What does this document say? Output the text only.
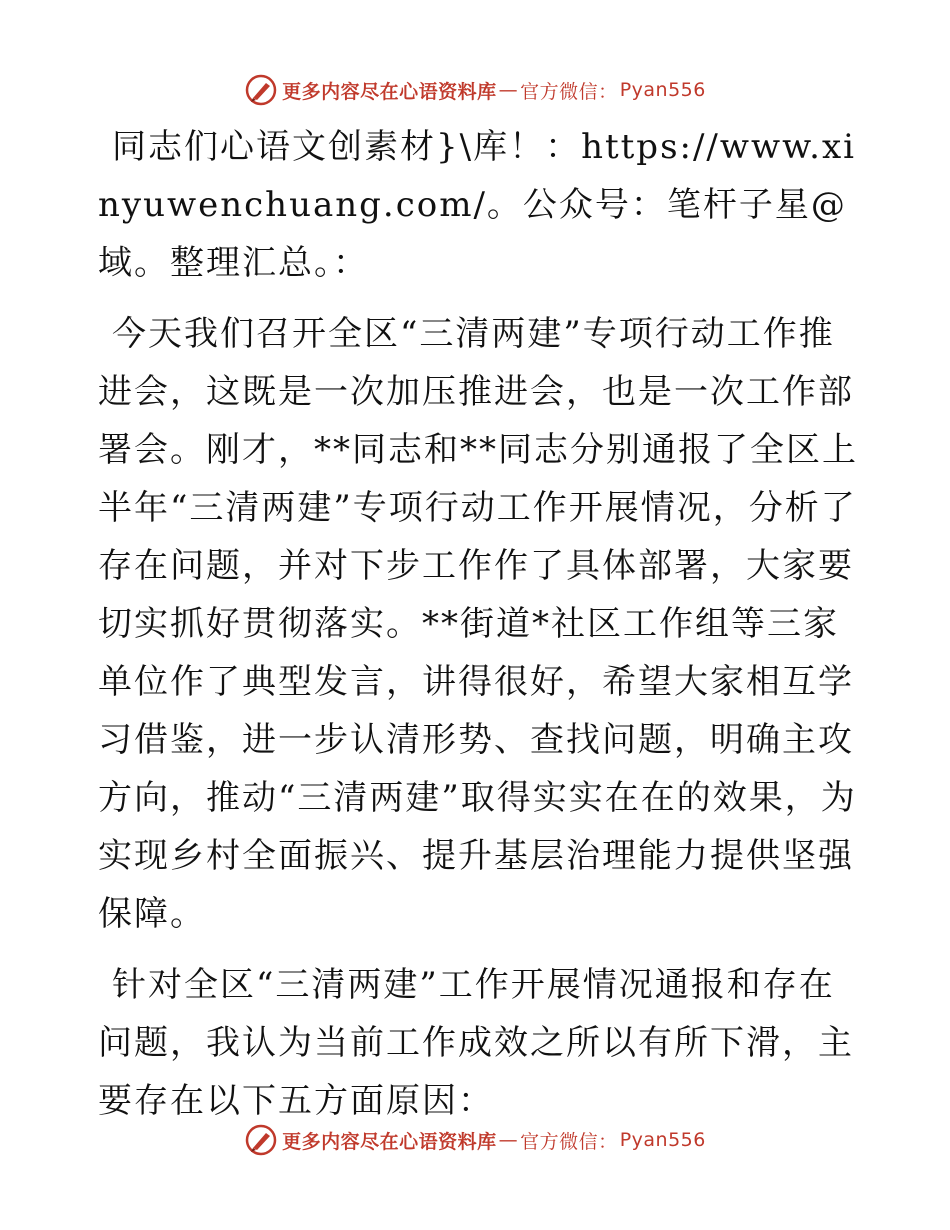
更多内容尽在心语资料库 — 官方微信： Pyan556

同志们心语文创素材}\库！：https://www.xinyuwenchuang.com/。公众号：笔杆子星@域。整理汇总。：

今天我们召开全区“三清两建”专项行动工作推进会，这既是一次加压推进会，也是一次工作部署会。刚才，**同志和**同志分别通报了全区上半年“三清两建”专项行动工作开展情况，分析了存在问题，并对下步工作作了具体部署，大家要切实抓好贯彻落实。**街道*社区工作组等三家单位作了典型发言，讲得很好，希望大家相互学习借鉴，进一步认清形势、查找问题，明确主攻方向，推动“三清两建”取得实实在在的效果，为实现乡村全面振兴、提升基层治理能力提供坚强保障。

针对全区“三清两建”工作开展情况通报和存在问题，我认为当前工作成效之所以有所下滑，主要存在以下五方面原因：

更多内容尽在心语资料库 — 官方微信： Pyan556
